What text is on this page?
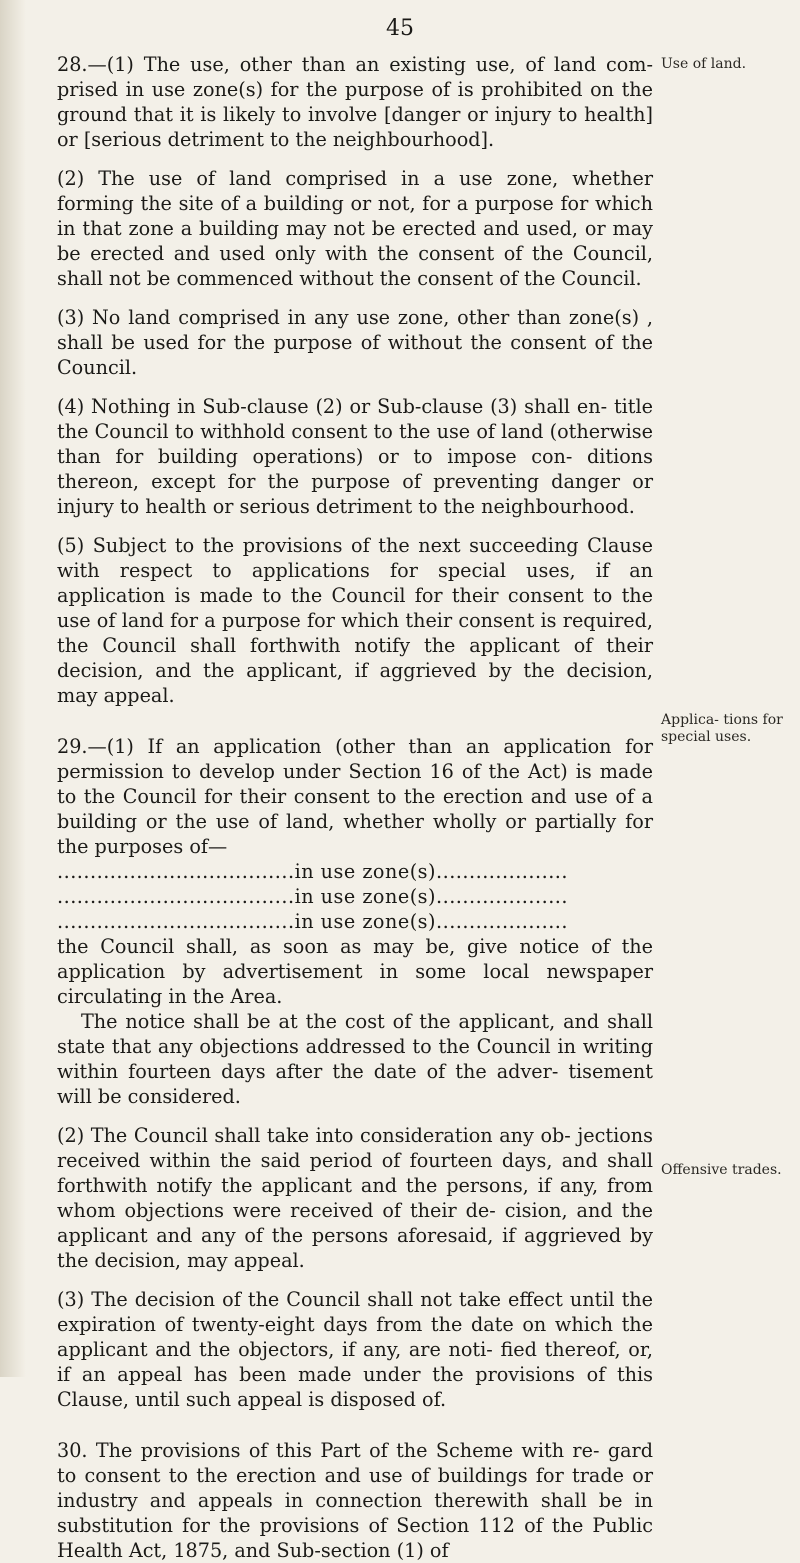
45

28.—(1) The use, other than an existing use, of land com- prised in use zone(s) for the purpose of is prohibited on the ground that it is likely to involve [danger or injury to health] or [serious detriment to the neighbourhood].

(2) The use of land comprised in a use zone, whether forming the site of a building or not, for a purpose for which in that zone a building may not be erected and used, or may be erected and used only with the consent of the Council, shall not be commenced without the consent of the Council.

(3) No land comprised in any use zone, other than zone(s) , shall be used for the purpose of without the consent of the Council.

(4) Nothing in Sub-clause (2) or Sub-clause (3) shall en- title the Council to withhold consent to the use of land (otherwise than for building operations) or to impose con- ditions thereon, except for the purpose of preventing danger or injury to health or serious detriment to the neighbourhood.

(5) Subject to the provisions of the next succeeding Clause with respect to applications for special uses, if an application is made to the Council for their consent to the use of land for a purpose for which their consent is required, the Council shall forthwith notify the applicant of their decision, and the applicant, if aggrieved by the decision, may appeal.

29.—(1) If an application (other than an application for permission to develop under Section 16 of the Act) is made to the Council for their consent to the erection and use of a building or the use of land, whether wholly or partially for the purposes of—

....................................in use zone(s)....................

....................................in use zone(s)....................

....................................in use zone(s)....................

the Council shall, as soon as may be, give notice of the application by advertisement in some local newspaper circulating in the Area.

The notice shall be at the cost of the applicant, and shall state that any objections addressed to the Council in writing within fourteen days after the date of the adver- tisement will be considered.

(2) The Council shall take into consideration any ob- jections received within the said period of fourteen days, and shall forthwith notify the applicant and the persons, if any, from whom objections were received of their de- cision, and the applicant and any of the persons aforesaid, if aggrieved by the decision, may appeal.

(3) The decision of the Council shall not take effect until the expiration of twenty-eight days from the date on which the applicant and the objectors, if any, are noti- fied thereof, or, if an appeal has been made under the provisions of this Clause, until such appeal is disposed of.

30. The provisions of this Part of the Scheme with re- gard to consent to the erection and use of buildings for trade or industry and appeals in connection therewith shall be in substitution for the provisions of Section 112 of the Public Health Act, 1875, and Sub-section (1) of

Use of land.
Applica- tions for special uses.
Offensive trades.
